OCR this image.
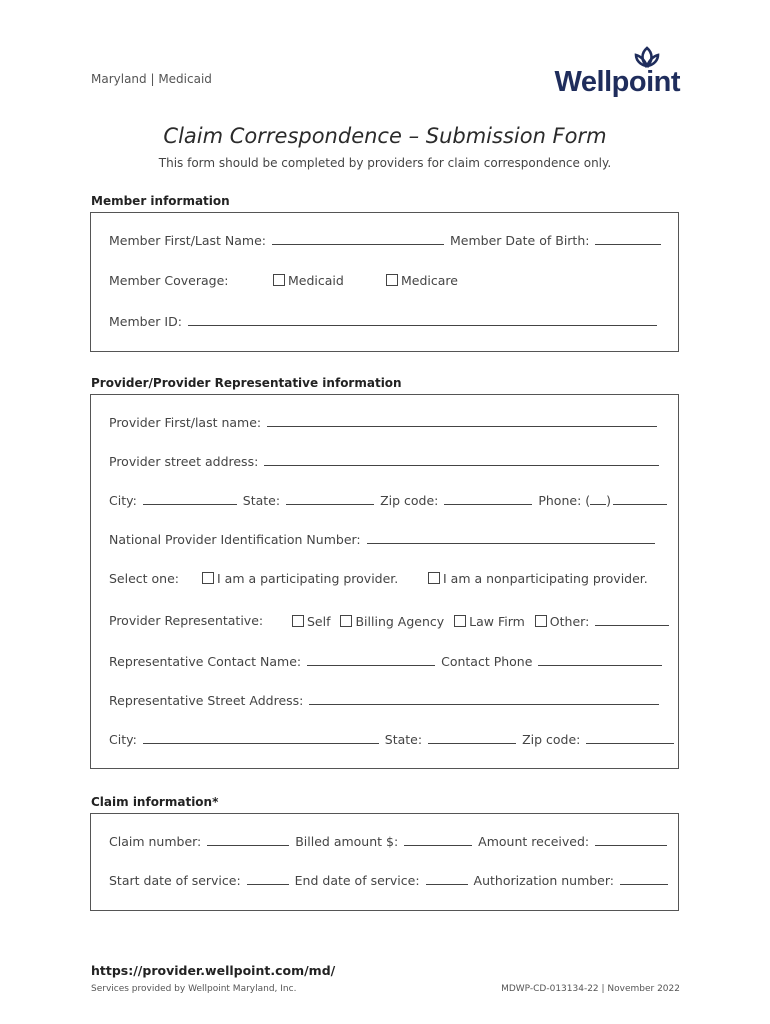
Maryland | Medicaid	Wellpoint
Claim Correspondence – Submission Form
This form should be completed by providers for claim correspondence only.
Member information
Member First/Last Name:	Member Date of Birth:
Member Coverage:	Medicaid	Medicare
Member ID:
Provider/Provider Representative information
Provider First/last name:
Provider street address:
City:	State:	Zip code:	Phone: ( )
National Provider Identification Number:
Select one:	I am a participating provider.	I am a nonparticipating provider.
Provider Representative:	Self Billing Agency Law Firm Other:
Representative Contact Name:	Contact Phone
Representative Street Address:
City:	State:	Zip code:
Claim information*
Claim number:	Billed amount $:	Amount received:
Start date of service:	End date of service:	Authorization number:
https://provider.wellpoint.com/md/
Services provided by Wellpoint Maryland, Inc.	MDWP-CD-013134-22 | November 2022
